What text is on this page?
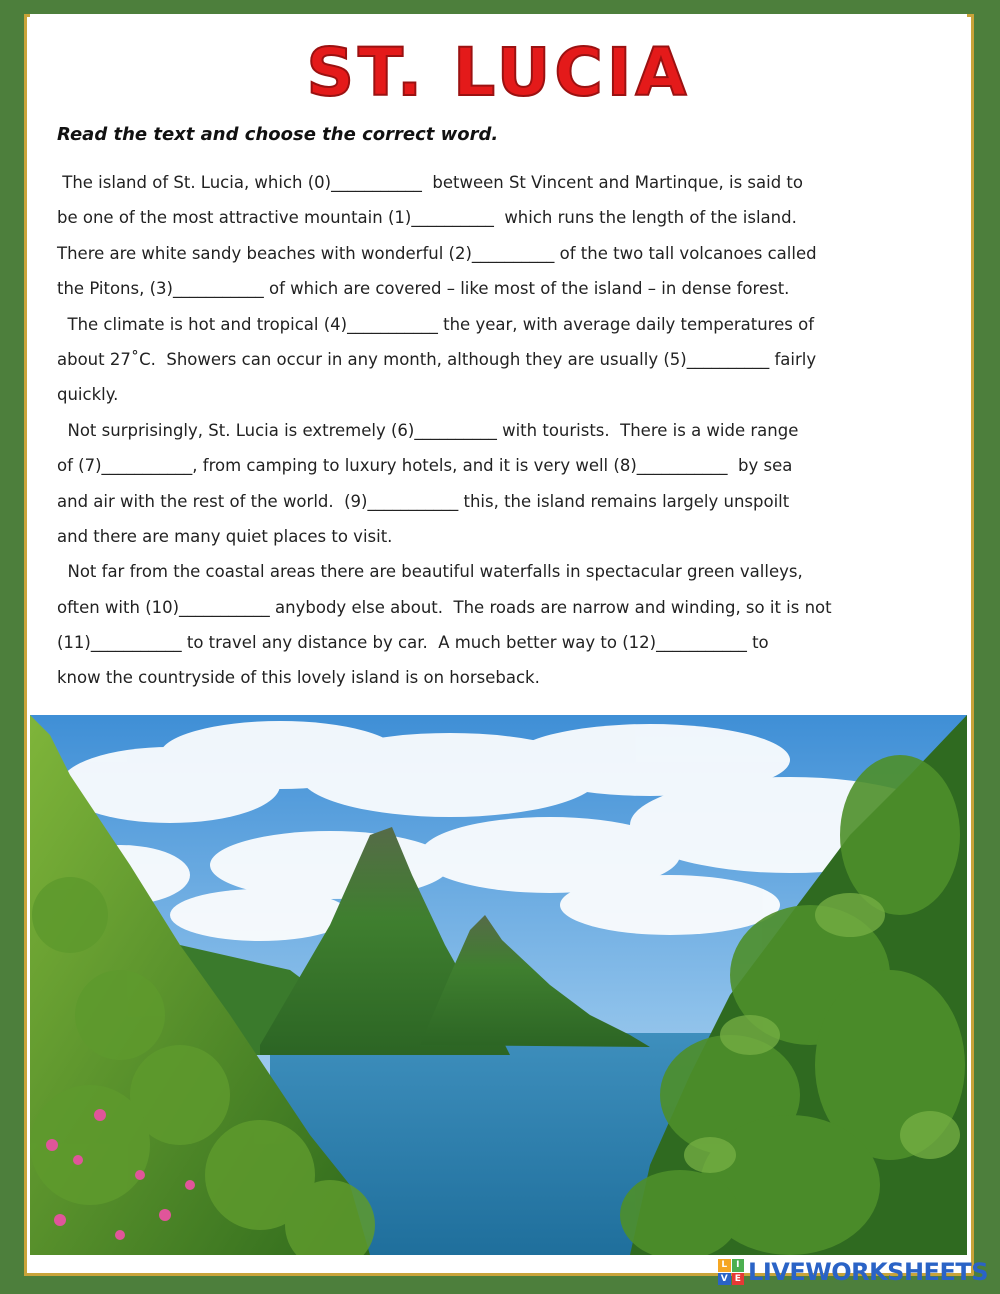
ST. LUCIA
Read the text and choose the correct word.
The island of St. Lucia, which (0)___________  between St Vincent and Martinque, is said to
be one of the most attractive mountain (1)__________  which runs the length of the island.
There are white sandy beaches with wonderful (2)__________ of the two tall volcanoes called
the Pitons, (3)___________ of which are covered – like most of the island – in dense forest.
The climate is hot and tropical (4)___________ the year, with average daily temperatures of
about 27˚C.  Showers can occur in any month, although they are usually (5)__________ fairly
quickly.
Not surprisingly, St. Lucia is extremely (6)__________ with tourists.  There is a wide range
of (7)___________, from camping to luxury hotels, and it is very well (8)___________  by sea
and air with the rest of the world.  (9)___________ this, the island remains largely unspoilt
and there are many quiet places to visit.
Not far from the coastal areas there are beautiful waterfalls in spectacular green valleys,
often with (10)___________ anybody else about.  The roads are narrow and winding, so it is not
(11)___________ to travel any distance by car.  A much better way to (12)___________ to
know the countryside of this lovely island is on horseback.
L I
V E LIVEWORKSHEETS
